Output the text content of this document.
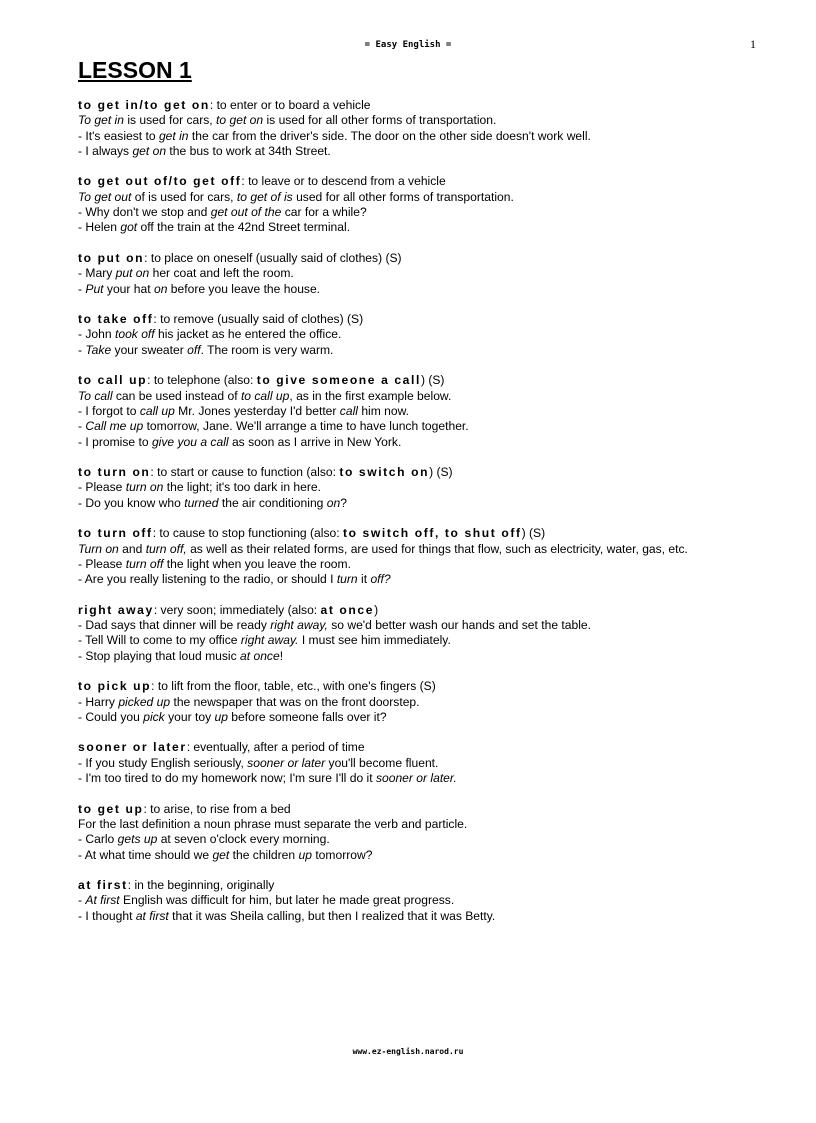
= Easy English =	1
LESSON 1
to get in/to get on: to enter or to board a vehicle
To get in is used for cars, to get on is used for all other forms of transportation.
- It's easiest to get in the car from the driver's side. The door on the other side doesn't work well.
- I always get on the bus to work at 34th Street.
to get out of/to get off: to leave or to descend from a vehicle
To get out of is used for cars, to get of is used for all other forms of transportation.
- Why don't we stop and get out of the car for a while?
- Helen got off the train at the 42nd Street terminal.
to put on: to place on oneself (usually said of clothes) (S)
- Mary put on her coat and left the room.
- Put your hat on before you leave the house.
to take off: to remove (usually said of clothes) (S)
- John took off his jacket as he entered the office.
- Take your sweater off. The room is very warm.
to call up: to telephone (also: to give someone a call) (S)
To call can be used instead of to call up, as in the first example below.
- I forgot to call up Mr. Jones yesterday I'd better call him now.
- Call me up tomorrow, Jane. We'll arrange a time to have lunch together.
- I promise to give you a call as soon as I arrive in New York.
to turn on: to start or cause to function (also: to switch on) (S)
- Please turn on the light; it's too dark in here.
- Do you know who turned the air conditioning on?
to turn off: to cause to stop functioning (also: to switch off, to shut off) (S)
Turn on and turn off, as well as their related forms, are used for things that flow, such as electricity, water, gas, etc.
- Please turn off the light when you leave the room.
- Are you really listening to the radio, or should I turn it off?
right away: very soon; immediately (also: at once)
- Dad says that dinner will be ready right away, so we'd better wash our hands and set the table.
- Tell Will to come to my office right away. I must see him immediately.
- Stop playing that loud music at once!
to pick up: to lift from the floor, table, etc., with one's fingers (S)
- Harry picked up the newspaper that was on the front doorstep.
- Could you pick your toy up before someone falls over it?
sooner or later: eventually, after a period of time
- If you study English seriously, sooner or later you'll become fluent.
- I'm too tired to do my homework now; I'm sure I'll do it sooner or later.
to get up: to arise, to rise from a bed
For the last definition a noun phrase must separate the verb and particle.
- Carlo gets up at seven o'clock every morning.
- At what time should we get the children up tomorrow?
at first: in the beginning, originally
- At first English was difficult for him, but later he made great progress.
- I thought at first that it was Sheila calling, but then I realized that it was Betty.
www.ez-english.narod.ru
